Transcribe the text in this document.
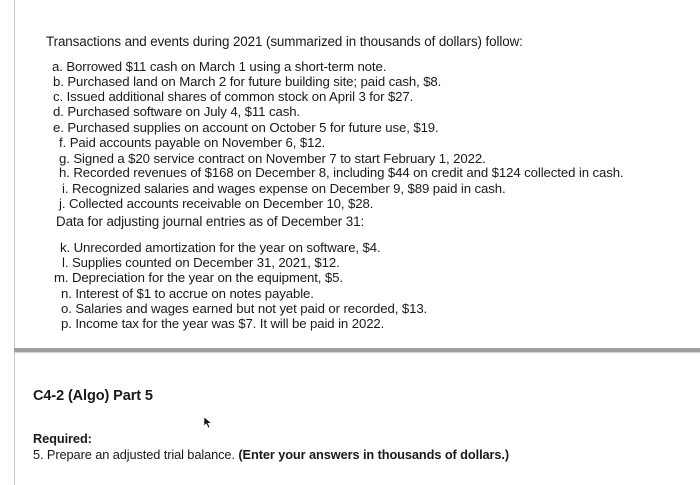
Transactions and events during 2021 (summarized in thousands of dollars) follow:
a. Borrowed $11 cash on March 1 using a short-term note.
b. Purchased land on March 2 for future building site; paid cash, $8.
c. Issued additional shares of common stock on April 3 for $27.
d. Purchased software on July 4, $11 cash.
e. Purchased supplies on account on October 5 for future use, $19.
f. Paid accounts payable on November 6, $12.
g. Signed a $20 service contract on November 7 to start February 1, 2022.
h. Recorded revenues of $168 on December 8, including $44 on credit and $124 collected in cash.
i. Recognized salaries and wages expense on December 9, $89 paid in cash.
j. Collected accounts receivable on December 10, $28.
Data for adjusting journal entries as of December 31:
k. Unrecorded amortization for the year on software, $4.
l. Supplies counted on December 31, 2021, $12.
m. Depreciation for the year on the equipment, $5.
n. Interest of $1 to accrue on notes payable.
o. Salaries and wages earned but not yet paid or recorded, $13.
p. Income tax for the year was $7. It will be paid in 2022.
C4-2 (Algo) Part 5
Required:
5. Prepare an adjusted trial balance. (Enter your answers in thousands of dollars.)
